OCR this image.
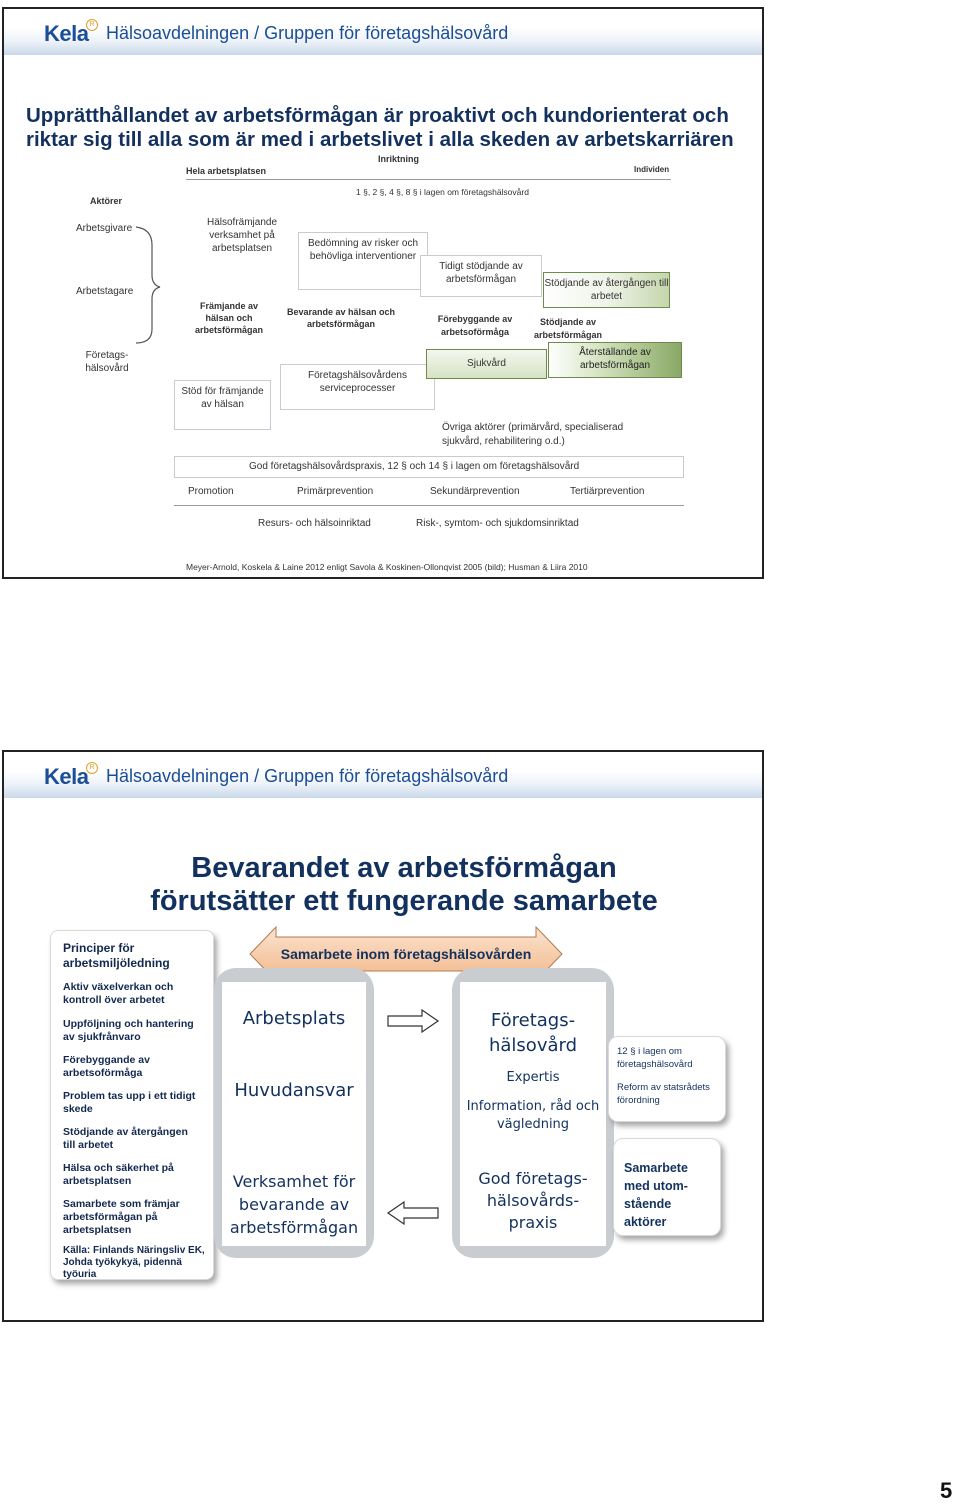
Kela R Hälsoavdelningen / Gruppen för företagshälsovård
Upprätthållandet av arbetsförmågan är proaktivt och kundorienterat och
riktar sig till alla som är med i arbetslivet i alla skeden av arbetskarriären
Inriktning
Hela arbetsplatsen	Individen
Aktörer
1 §, 2 §, 4 §, 8 § i lagen om företagshälsovård
Arbetsgivare
Arbetstagare
Företags-hälsovård
Hälsofrämjande verksamhet på arbetsplatsen
Främjande av hälsan och arbetsförmågan
Stöd för främjande av hälsan
Bedömning av risker och behövliga interventioner
Bevarande av hälsan och arbetsförmågan
Företagshälsovårdens serviceprocesser
Tidigt stödjande av arbetsförmågan
Förebyggande av arbetsoförmåga
Sjukvård
Stödjande av återgången till arbetet
Stödjande av arbetsförmågan
Återställande av arbetsförmågan
Övriga aktörer (primärvård, specialiserad sjukvård, rehabilitering o.d.)
God företagshälsovårdspraxis, 12 § och 14 § i lagen om företagshälsovård
Promotion	Primärprevention	Sekundärprevention	Tertiärprevention
Resurs- och hälsoinriktad	Risk-, symtom- och sjukdomsinriktad
Meyer-Arnold, Koskela & Laine 2012 enligt Savola & Koskinen-Ollonqvist 2005 (bild); Husman & Liira 2010
Kela R Hälsoavdelningen / Gruppen för företagshälsovård
Bevarandet av arbetsförmågan
förutsätter ett fungerande samarbete
Principer för arbetsmiljöledning
Aktiv växelverkan och kontroll över arbetet
Uppföljning och hantering av sjukfrånvaro
Förebyggande av arbetsoförmåga
Problem tas upp i ett tidigt skede
Stödjande av återgången till arbetet
Hälsa och säkerhet på arbetsplatsen
Samarbete som främjar arbetsförmågan på arbetsplatsen
Källa: Finlands Näringsliv EK, Johda työkykyä, pidennä työuria
Samarbete inom företagshälsovården
Arbetsplats
Huvudansvar
Verksamhet för bevarande av arbetsförmågan
Företags-hälsovård
Expertis
Information, råd och vägledning
God företags-hälsovårds-praxis
12 § i lagen om företagshälsovård
Reform av statsrådets förordning
Samarbete med utom-stående aktörer
5
